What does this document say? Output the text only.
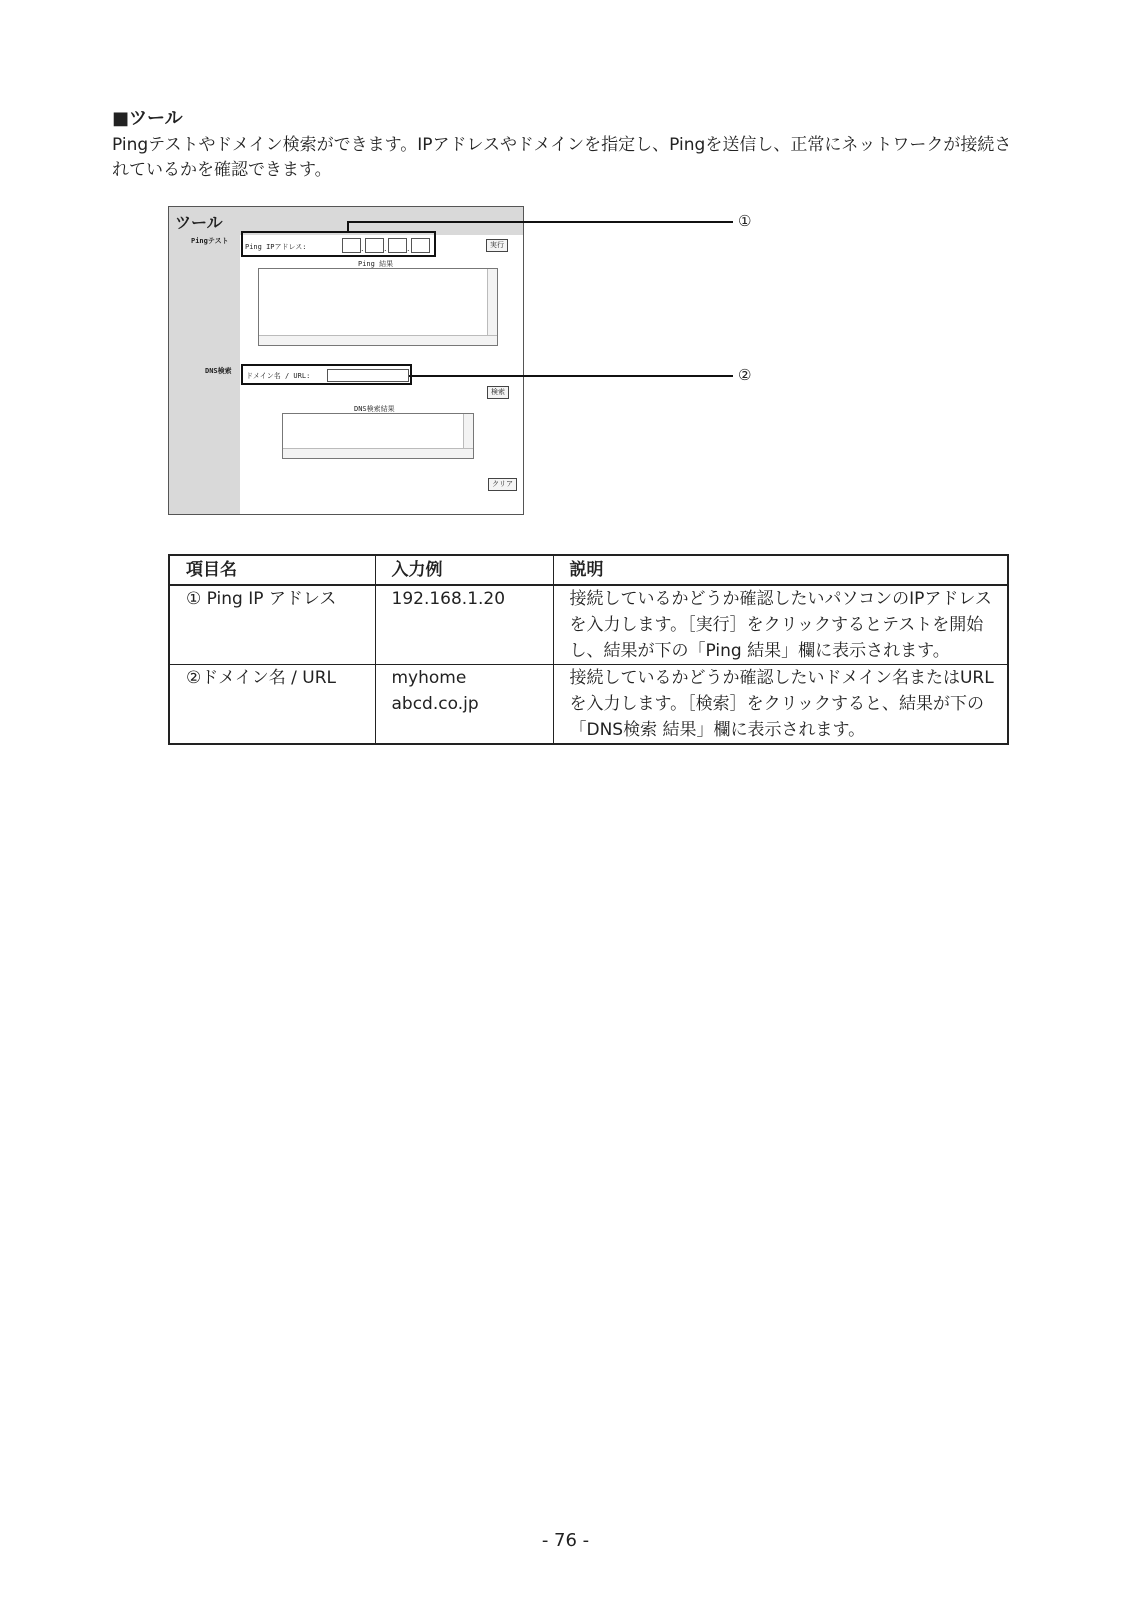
■ツール
Pingテストやドメイン検索ができます。IPアドレスやドメインを指定し、Pingを送信し、正常にネットワークが接続されているかを確認できます。
ツール
Pingテスト
Ping IPアドレス:	.	.	.	実行
Ping 結果
DNS検索
ドメイン名 / URL:
検索
DNS検索結果
クリア
①
②
項目名	入力例	説明
① Ping IP アドレス	192.168.1.20	接続しているかどうか確認したいパソコンのIPアドレスを入力します。［実行］をクリックするとテストを開始し、結果が下の「Ping 結果」欄に表示されます。
②ドメイン名 / URL	myhome abcd.co.jp	接続しているかどうか確認したいドメイン名またはURLを入力します。［検索］をクリックすると、結果が下の「DNS検索 結果」欄に表示されます。
- 76 -
